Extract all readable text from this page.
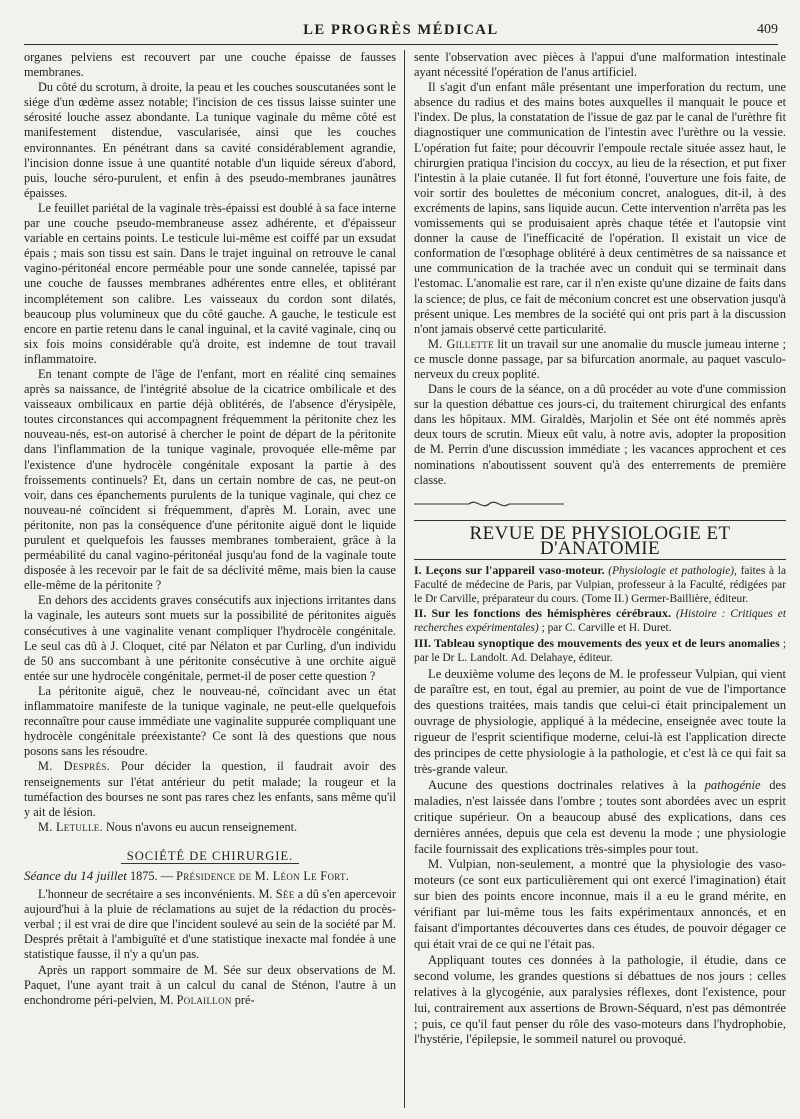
LE PROGRÈS MÉDICAL	409

organes pelviens est recouvert par une couche épaisse de fausses membranes.

Du côté du scrotum, à droite, la peau et les couches souscutanées sont le siége d'un œdème assez notable; l'incision de ces tissus laisse suinter une sérosité louche assez abondante. La tunique vaginale du même côté est manifestement distendue, vascularisée, ainsi que les couches environnantes. En pénétrant dans sa cavité considérablement agrandie, l'incision donne issue à une quantité notable d'un liquide séreux d'abord, puis, louche séro-purulent, et enfin à des pseudo-membranes jaunâtres épaisses.

Le feuillet pariétal de la vaginale très-épaissi est doublé à sa face interne par une couche pseudo-membraneuse assez adhérente, et d'épaisseur variable en certains points. Le testicule lui-même est coiffé par un exsudat épais ; mais son tissu est sain. Dans le trajet inguinal on retrouve le canal vagino-péritonéal encore perméable pour une sonde cannelée, tapissé par une couche de fausses membranes adhérentes entre elles, et oblitérant incomplétement son calibre. Les vaisseaux du cordon sont dilatés, beaucoup plus volumineux que du côté gauche. A gauche, le testicule est encore en partie retenu dans le canal inguinal, et la cavité vaginale, cinq ou six fois moins considérable qu'à droite, est indemne de tout travail inflammatoire.

En tenant compte de l'âge de l'enfant, mort en réalité cinq semaines après sa naissance, de l'intégrité absolue de la cicatrice ombilicale et des vaisseaux ombilicaux en partie déjà oblitérés, de l'absence d'érysipèle, toutes circonstances qui accompagnent fréquemment la péritonite chez les nouveau-nés, est-on autorisé à chercher le point de départ de la péritonite dans l'inflammation de la tunique vaginale, provoquée elle-même par l'existence d'une hydrocèle congénitale exposant la partie à des froissements continuels? Et, dans un certain nombre de cas, ne peut-on voir, dans ces épanchements purulents de la tunique vaginale, qui chez ce nouveau-né coïncident si fréquemment, d'après M. Lorain, avec une péritonite, non pas la conséquence d'une péritonite aiguë dont le liquide purulent et quelquefois les fausses membranes tomberaient, grâce à la perméabilité du canal vagino-péritonéal jusqu'au fond de la vaginale toute disposée à les recevoir par le fait de sa déclivité même, mais bien la cause elle-même de la péritonite ?

En dehors des accidents graves consécutifs aux injections irritantes dans la vaginale, les auteurs sont muets sur la possibilité de péritonites aiguës consécutives à une vaginalite venant compliquer l'hydrocèle congénitale. Le seul cas dû à J. Cloquet, cité par Nélaton et par Curling, d'un individu de 50 ans succombant à une péritonite consécutive à une orchite aiguë entée sur une hydrocèle congénitale, permet-il de poser cette question ?

La péritonite aiguë, chez le nouveau-né, coïncidant avec un état inflammatoire manifeste de la tunique vaginale, ne peut-elle quelquefois reconnaître pour cause immédiate une vaginalite suppurée compliquant une hydrocèle congénitale préexistante? Ce sont là des questions que nous posons sans les résoudre.

M. Després. Pour décider la question, il faudrait avoir des renseignements sur l'état antérieur du petit malade; la rougeur et la tuméfaction des bourses ne sont pas rares chez les enfants, sans même qu'il y ait de lésion.

M. Letulle. Nous n'avons eu aucun renseignement.

SOCIÉTÉ DE CHIRURGIE.

Séance du 14 juillet 1875. — Présidence de M. Léon Le Fort.

L'honneur de secrétaire a ses inconvénients. M. Sée a dû s'en apercevoir aujourd'hui à la pluie de réclamations au sujet de la rédaction du procès-verbal ; il est vrai de dire que l'incident soulevé au sein de la société par M. Després prêtait à l'ambiguïté et d'une statistique inexacte mal fondée à une statistique fausse, il n'y a qu'un pas.

Après un rapport sommaire de M. Sée sur deux observations de M. Paquet, l'une ayant trait à un calcul du canal de Sténon, l'autre à un enchondrome péri-pelvien, M. Polaillon pré-

sente l'observation avec pièces à l'appui d'une malformation intestinale ayant nécessité l'opération de l'anus artificiel.

Il s'agit d'un enfant mâle présentant une imperforation du rectum, une absence du radius et des mains botes auxquelles il manquait le pouce et l'index. De plus, la constatation de l'issue de gaz par le canal de l'urèthre fit diagnostiquer une communication de l'intestin avec l'urèthre ou la vessie. L'opération fut faite; pour découvrir l'empoule rectale située assez haut, le chirurgien pratiqua l'incision du coccyx, au lieu de la résection, et put fixer l'intestin à la plaie cutanée. Il fut fort étonné, l'ouverture une fois faite, de voir sortir des boulettes de méconium concret, analogues, dit-il, à des excréments de lapins, sans liquide aucun. Cette intervention n'arrêta pas les vomissements qui se produisaient après chaque tétée et l'autopsie vint donner la cause de l'inefficacité de l'opération. Il existait un vice de conformation de l'œsophage oblitéré à deux centimètres de sa naissance et une communication de la trachée avec un conduit qui se terminait dans l'estomac. L'anomalie est rare, car il n'en existe qu'une dizaine de faits dans la science; de plus, ce fait de méconium concret est une observation jusqu'à présent unique. Les membres de la société qui ont pris part à la discussion n'ont jamais observé cette particularité.

M. Gillette lit un travail sur une anomalie du muscle jumeau interne ; ce muscle donne passage, par sa bifurcation anormale, au paquet vasculo-nerveux du creux poplité.

Dans le cours de la séance, on a dû procéder au vote d'une commission sur la question débattue ces jours-ci, du traitement chirurgical des enfants dans les hôpitaux. MM. Giraldès, Marjolin et Sée ont été nommés après deux tours de scrutin. Mieux eût valu, à notre avis, adopter la proposition de M. Perrin d'une discussion immédiate ; les vacances approchent et ces nominations n'aboutissent souvent qu'à des enterrements de première classe.

REVUE DE PHYSIOLOGIE ET D'ANATOMIE

I. Leçons sur l'appareil vaso-moteur. (Physiologie et pathologie), faites à la Faculté de médecine de Paris, par Vulpian, professeur à la Faculté, rédigées par le Dr Carville, préparateur du cours. (Tome II.) Germer-Baillière, éditeur.

II. Sur les fonctions des hémisphères cérébraux. (Histoire : Critiques et recherches expérimentales) ; par C. Carville et H. Duret.

III. Tableau synoptique des mouvements des yeux et de leurs anomalies ; par le Dr L. Landolt. Ad. Delahaye, éditeur.

Le deuxième volume des leçons de M. le professeur Vulpian, qui vient de paraître est, en tout, égal au premier, au point de vue de l'importance des questions traitées, mais tandis que celui-ci était principalement un ouvrage de physiologie, appliqué à la médecine, enseignée avec toute la rigueur de l'esprit scientifique moderne, celui-là est l'application directe des principes de cette physiologie à la pathologie, et c'est là ce qui fait sa très-grande valeur.

Aucune des questions doctrinales relatives à la pathogénie des maladies, n'est laissée dans l'ombre ; toutes sont abordées avec un esprit critique supérieur. On a beaucoup abusé des explications, dans ces dernières années, depuis que cela est devenu la mode ; une physiologie facile fournissait des explications très-simples pour tout.

M. Vulpian, non-seulement, a montré que la physiologie des vaso-moteurs (ce sont eux particulièrement qui ont exercé l'imagination) était sur bien des points encore inconnue, mais il a eu le grand mérite, en vérifiant par lui-même tous les faits expérimentaux annoncés, et en faisant d'importantes découvertes dans ces études, de pouvoir dégager ce qui était vrai de ce qui ne l'était pas.

Appliquant toutes ces données à la pathologie, il étudie, dans ce second volume, les grandes questions si débattues de nos jours : celles relatives à la glycogénie, aux paralysies réflexes, dont l'existence, pour lui, contrairement aux assertions de Brown-Séquard, n'est pas démontrée ; puis, ce qu'il faut penser du rôle des vaso-moteurs dans l'hydrophobie, l'hystérie, l'épilepsie, le sommeil naturel ou provoqué.
